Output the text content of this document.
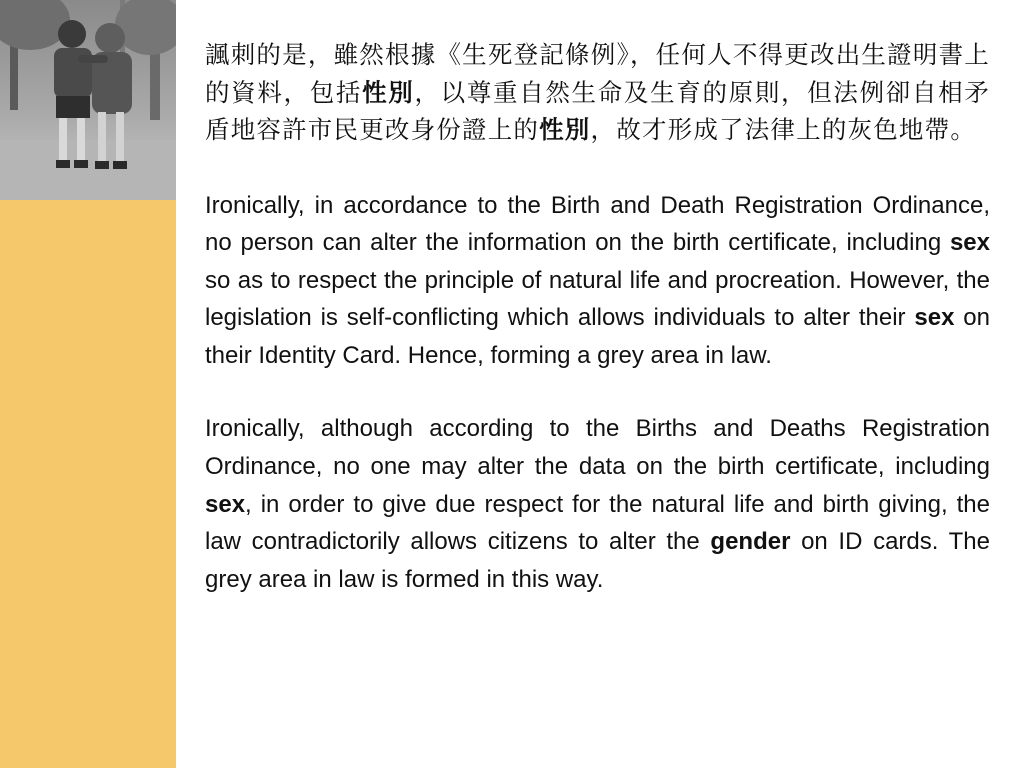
諷刺的是，雖然根據《生死登記條例》，任何人不得更改出生證明書上的資料，包括性別，以尊重自然生命及生育的原則，但法例卻自相矛盾地容許市民更改身份證上的性別，故才形成了法律上的灰色地帶。

Ironically, in accordance to the Birth and Death Registration Ordinance, no person can alter the information on the birth certificate, including sex so as to respect the principle of natural life and procreation. However, the legislation is self-conflicting which allows individuals to alter their sex on their Identity Card. Hence, forming a grey area in law.

Ironically, although according to the Births and Deaths Registration Ordinance, no one may alter the data on the birth certificate, including sex, in order to give due respect for the natural life and birth giving, the law contradictorily allows citizens to alter the gender on ID cards. The grey area in law is formed in this way.
